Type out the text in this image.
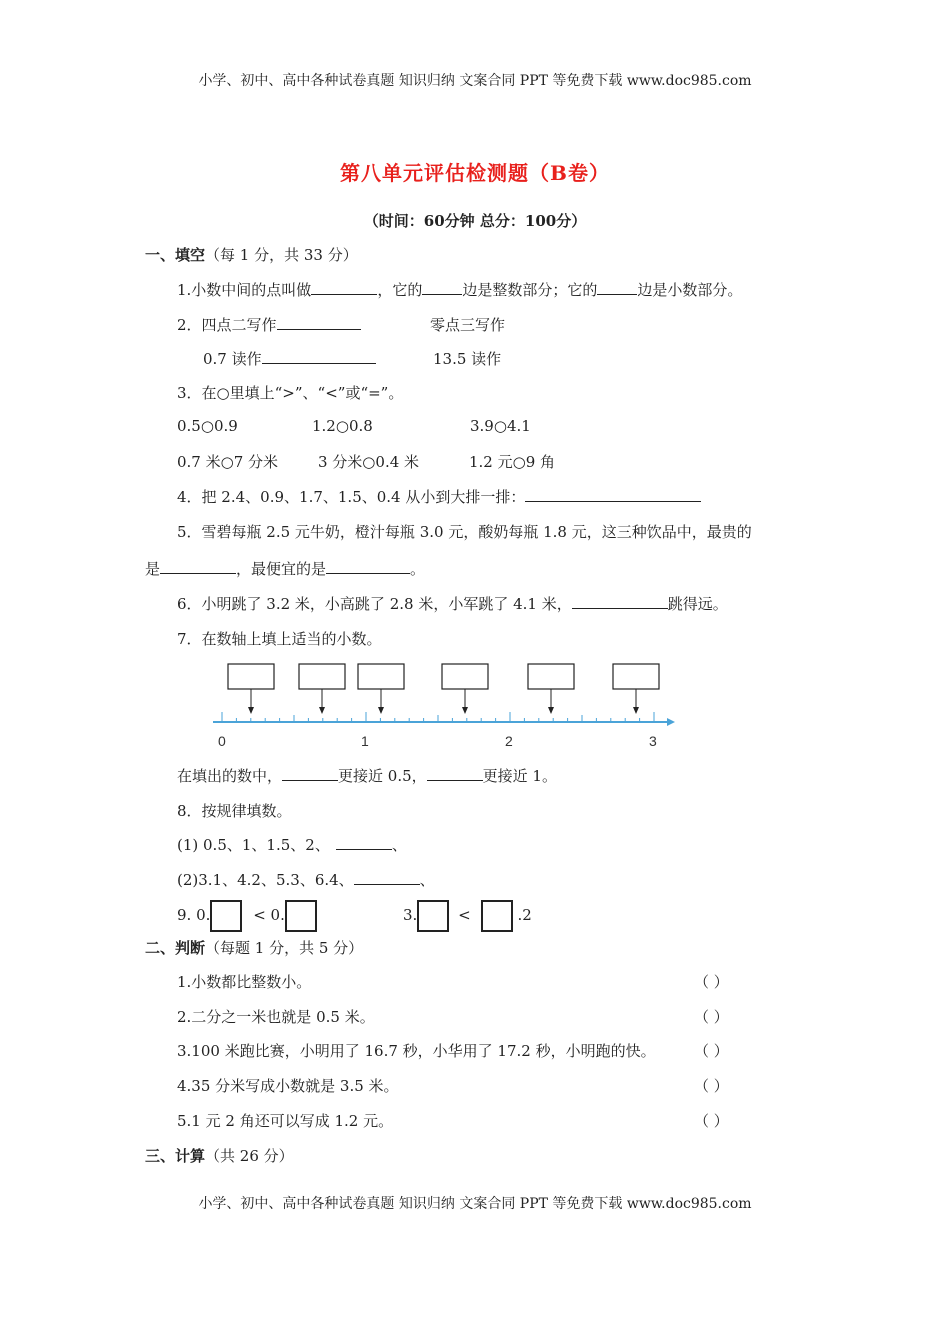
小学、初中、高中各种试卷真题 知识归纳 文案合同 PPT 等免费下载 www.doc985.com
第八单元评估检测题（B卷）
（时间：60分钟 总分：100分）
一、填空（每 1 分，共 33 分）
1.小数中间的点叫做	，它的	边是整数部分；它的	边是小数部分。
2．四点二写作	零点三写作
0.7 读作	13.5 读作
3．在○里填上“>”、“<”或“=”。
0.5○0.9	1.2○0.8	3.9○4.1
0.7 米○7 分米	3 分米○0.4 米	1.2 元○9 角
4．把 2.4、0.9、1.7、1.5、0.4 从小到大排一排：
5．雪碧每瓶 2.5 元牛奶，橙汁每瓶 3.0 元，酸奶每瓶 1.8 元，这三种饮品中，最贵的
是	，最便宜的是	。
6．小明跳了 3.2 米，小高跳了 2.8 米，小军跳了 4.1 米，	跳得远。
7．在数轴上填上适当的小数。
0	1	2	3
在填出的数中，	更接近 0.5，	更接近 1。
8．按规律填数。
(1) 0.5、1、1.5、2、	、
(2)3.1、4.2、5.3、6.4、	、
9. 0.	< 0.	3.	<	.2
二、判断（每题 1 分，共 5 分）
1.小数都比整数小。	（ ）
2.二分之一米也就是 0.5 米。	（ ）
3.100 米跑比赛，小明用了 16.7 秒，小华用了 17.2 秒，小明跑的快。	（ ）
4.35 分米写成小数就是 3.5 米。	（ ）
5.1 元 2 角还可以写成 1.2 元。	（ ）
三、计算（共 26 分）
小学、初中、高中各种试卷真题 知识归纳 文案合同 PPT 等免费下载 www.doc985.com
